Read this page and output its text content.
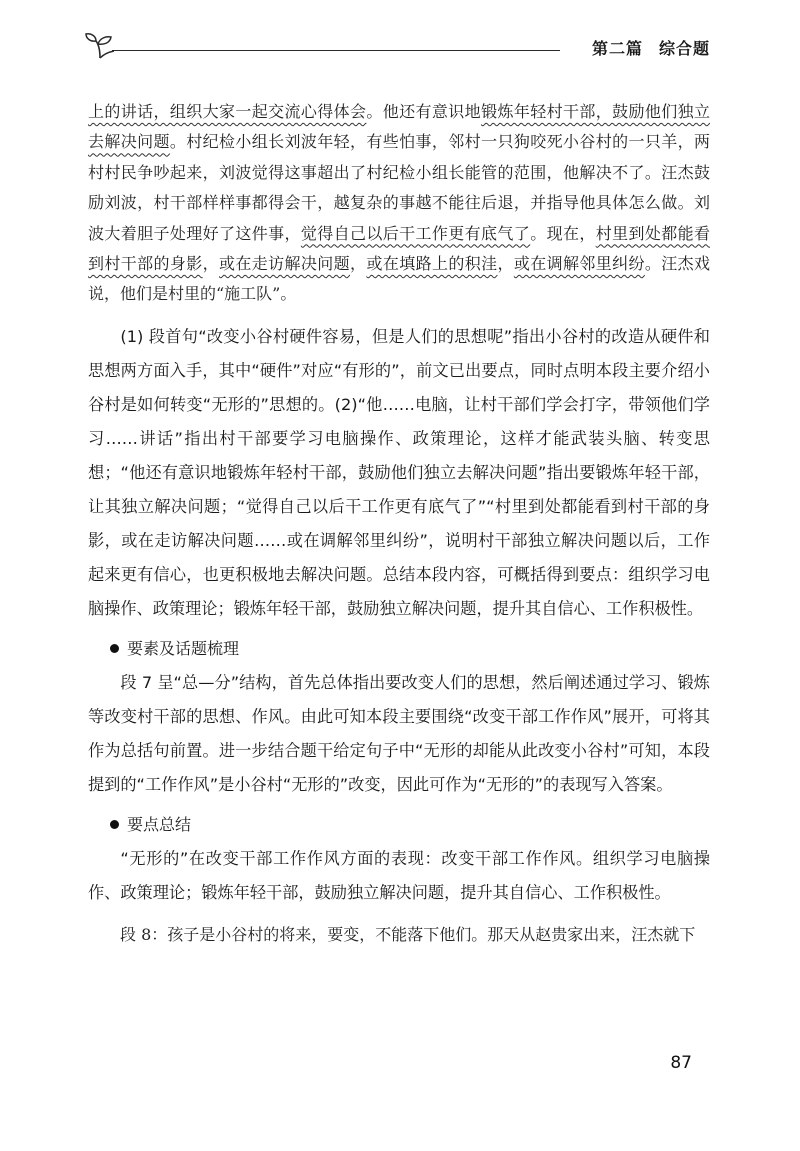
第二篇 综合题

上的讲话，组织大家一起交流心得体会。他还有意识地锻炼年轻村干部，鼓励他们独立去解决问题。村纪检小组长刘波年轻，有些怕事，邻村一只狗咬死小谷村的一只羊，两村村民争吵起来，刘波觉得这事超出了村纪检小组长能管的范围，他解决不了。汪杰鼓励刘波，村干部样样事都得会干，越复杂的事越不能往后退，并指导他具体怎么做。刘波大着胆子处理好了这件事，觉得自己以后干工作更有底气了。现在，村里到处都能看到村干部的身影，或在走访解决问题，或在填路上的积洼，或在调解邻里纠纷。汪杰戏说，他们是村里的“施工队”。

(1) 段首句“改变小谷村硬件容易，但是人们的思想呢”指出小谷村的改造从硬件和思想两方面入手，其中“硬件”对应“有形的”，前文已出要点，同时点明本段主要介绍小谷村是如何转变“无形的”思想的。(2)“他……电脑，让村干部们学会打字，带领他们学习……讲话”指出村干部要学习电脑操作、政策理论，这样才能武装头脑、转变思想；“他还有意识地锻炼年轻村干部，鼓励他们独立去解决问题”指出要锻炼年轻干部，让其独立解决问题；“觉得自己以后干工作更有底气了”“村里到处都能看到村干部的身影，或在走访解决问题……或在调解邻里纠纷”，说明村干部独立解决问题以后，工作起来更有信心，也更积极地去解决问题。总结本段内容，可概括得到要点：组织学习电脑操作、政策理论；锻炼年轻干部，鼓励独立解决问题，提升其自信心、工作积极性。

要素及话题梳理

段 7 呈“总—分”结构，首先总体指出要改变人们的思想，然后阐述通过学习、锻炼等改变村干部的思想、作风。由此可知本段主要围绕“改变干部工作作风”展开，可将其作为总括句前置。进一步结合题干给定句子中“无形的却能从此改变小谷村”可知，本段提到的“工作作风”是小谷村“无形的”改变，因此可作为“无形的”的表现写入答案。

要点总结

“无形的”在改变干部工作作风方面的表现：改变干部工作作风。组织学习电脑操作、政策理论；锻炼年轻干部，鼓励独立解决问题，提升其自信心、工作积极性。

段 8：孩子是小谷村的将来，要变，不能落下他们。那天从赵贵家出来，汪杰就下

87
